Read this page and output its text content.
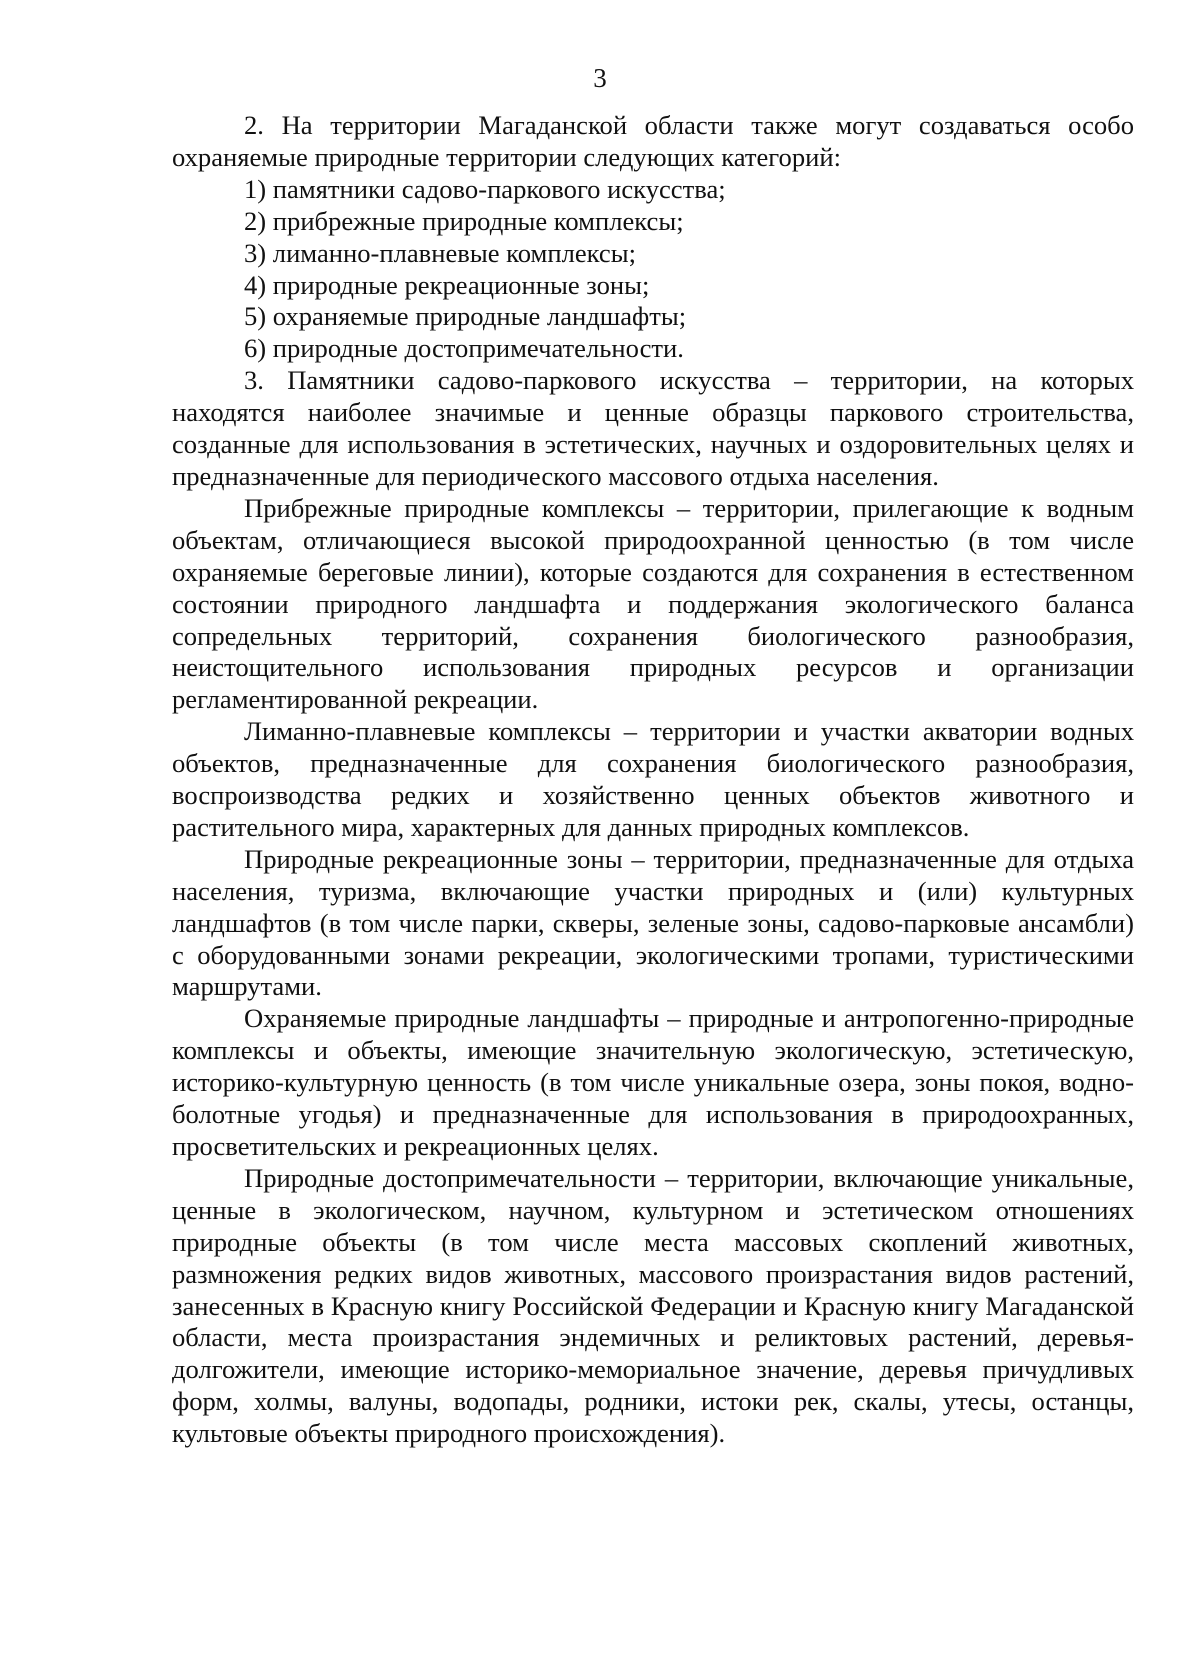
3

2. На территории Магаданской области также могут создаваться особо охраняемые природные территории следующих категорий:

1) памятники садово-паркового искусства;

2) прибрежные природные комплексы;

3) лиманно-плавневые комплексы;

4) природные рекреационные зоны;

5) охраняемые природные ландшафты;

6) природные достопримечательности.

3. Памятники садово-паркового искусства – территории, на которых находятся наиболее значимые и ценные образцы паркового строительства, созданные для использования в эстетических, научных и оздоровительных целях и предназначенные для периодического массового отдыха населения.

Прибрежные природные комплексы – территории, прилегающие к водным объектам, отличающиеся высокой природоохранной ценностью (в том числе охраняемые береговые линии), которые создаются для сохранения в естественном состоянии природного ландшафта и поддержания экологического баланса сопредельных территорий, сохранения биологического разнообразия, неистощительного использования природных ресурсов и организации регламентированной рекреации.

Лиманно-плавневые комплексы – территории и участки акватории водных объектов, предназначенные для сохранения биологического разнообразия, воспроизводства редких и хозяйственно ценных объектов животного и растительного мира, характерных для данных природных комплексов.

Природные рекреационные зоны – территории, предназначенные для отдыха населения, туризма, включающие участки природных и (или) культурных ландшафтов (в том числе парки, скверы, зеленые зоны, садово-парковые ансамбли) с оборудованными зонами рекреации, экологическими тропами, туристическими маршрутами.

Охраняемые природные ландшафты – природные и антропогенно-природные комплексы и объекты, имеющие значительную экологическую, эстетическую, историко-культурную ценность (в том числе уникальные озера, зоны покоя, водно-болотные угодья) и предназначенные для использования в природоохранных, просветительских и рекреационных целях.

Природные достопримечательности – территории, включающие уникальные, ценные в экологическом, научном, культурном и эстетическом отношениях природные объекты (в том числе места массовых скоплений животных, размножения редких видов животных, массового произрастания видов растений, занесенных в Красную книгу Российской Федерации и Красную книгу Магаданской области, места произрастания эндемичных и реликтовых растений, деревья-долгожители, имеющие историко-мемориальное значение, деревья причудливых форм, холмы, валуны, водопады, родники, истоки рек, скалы, утесы, останцы, культовые объекты природного происхождения).
